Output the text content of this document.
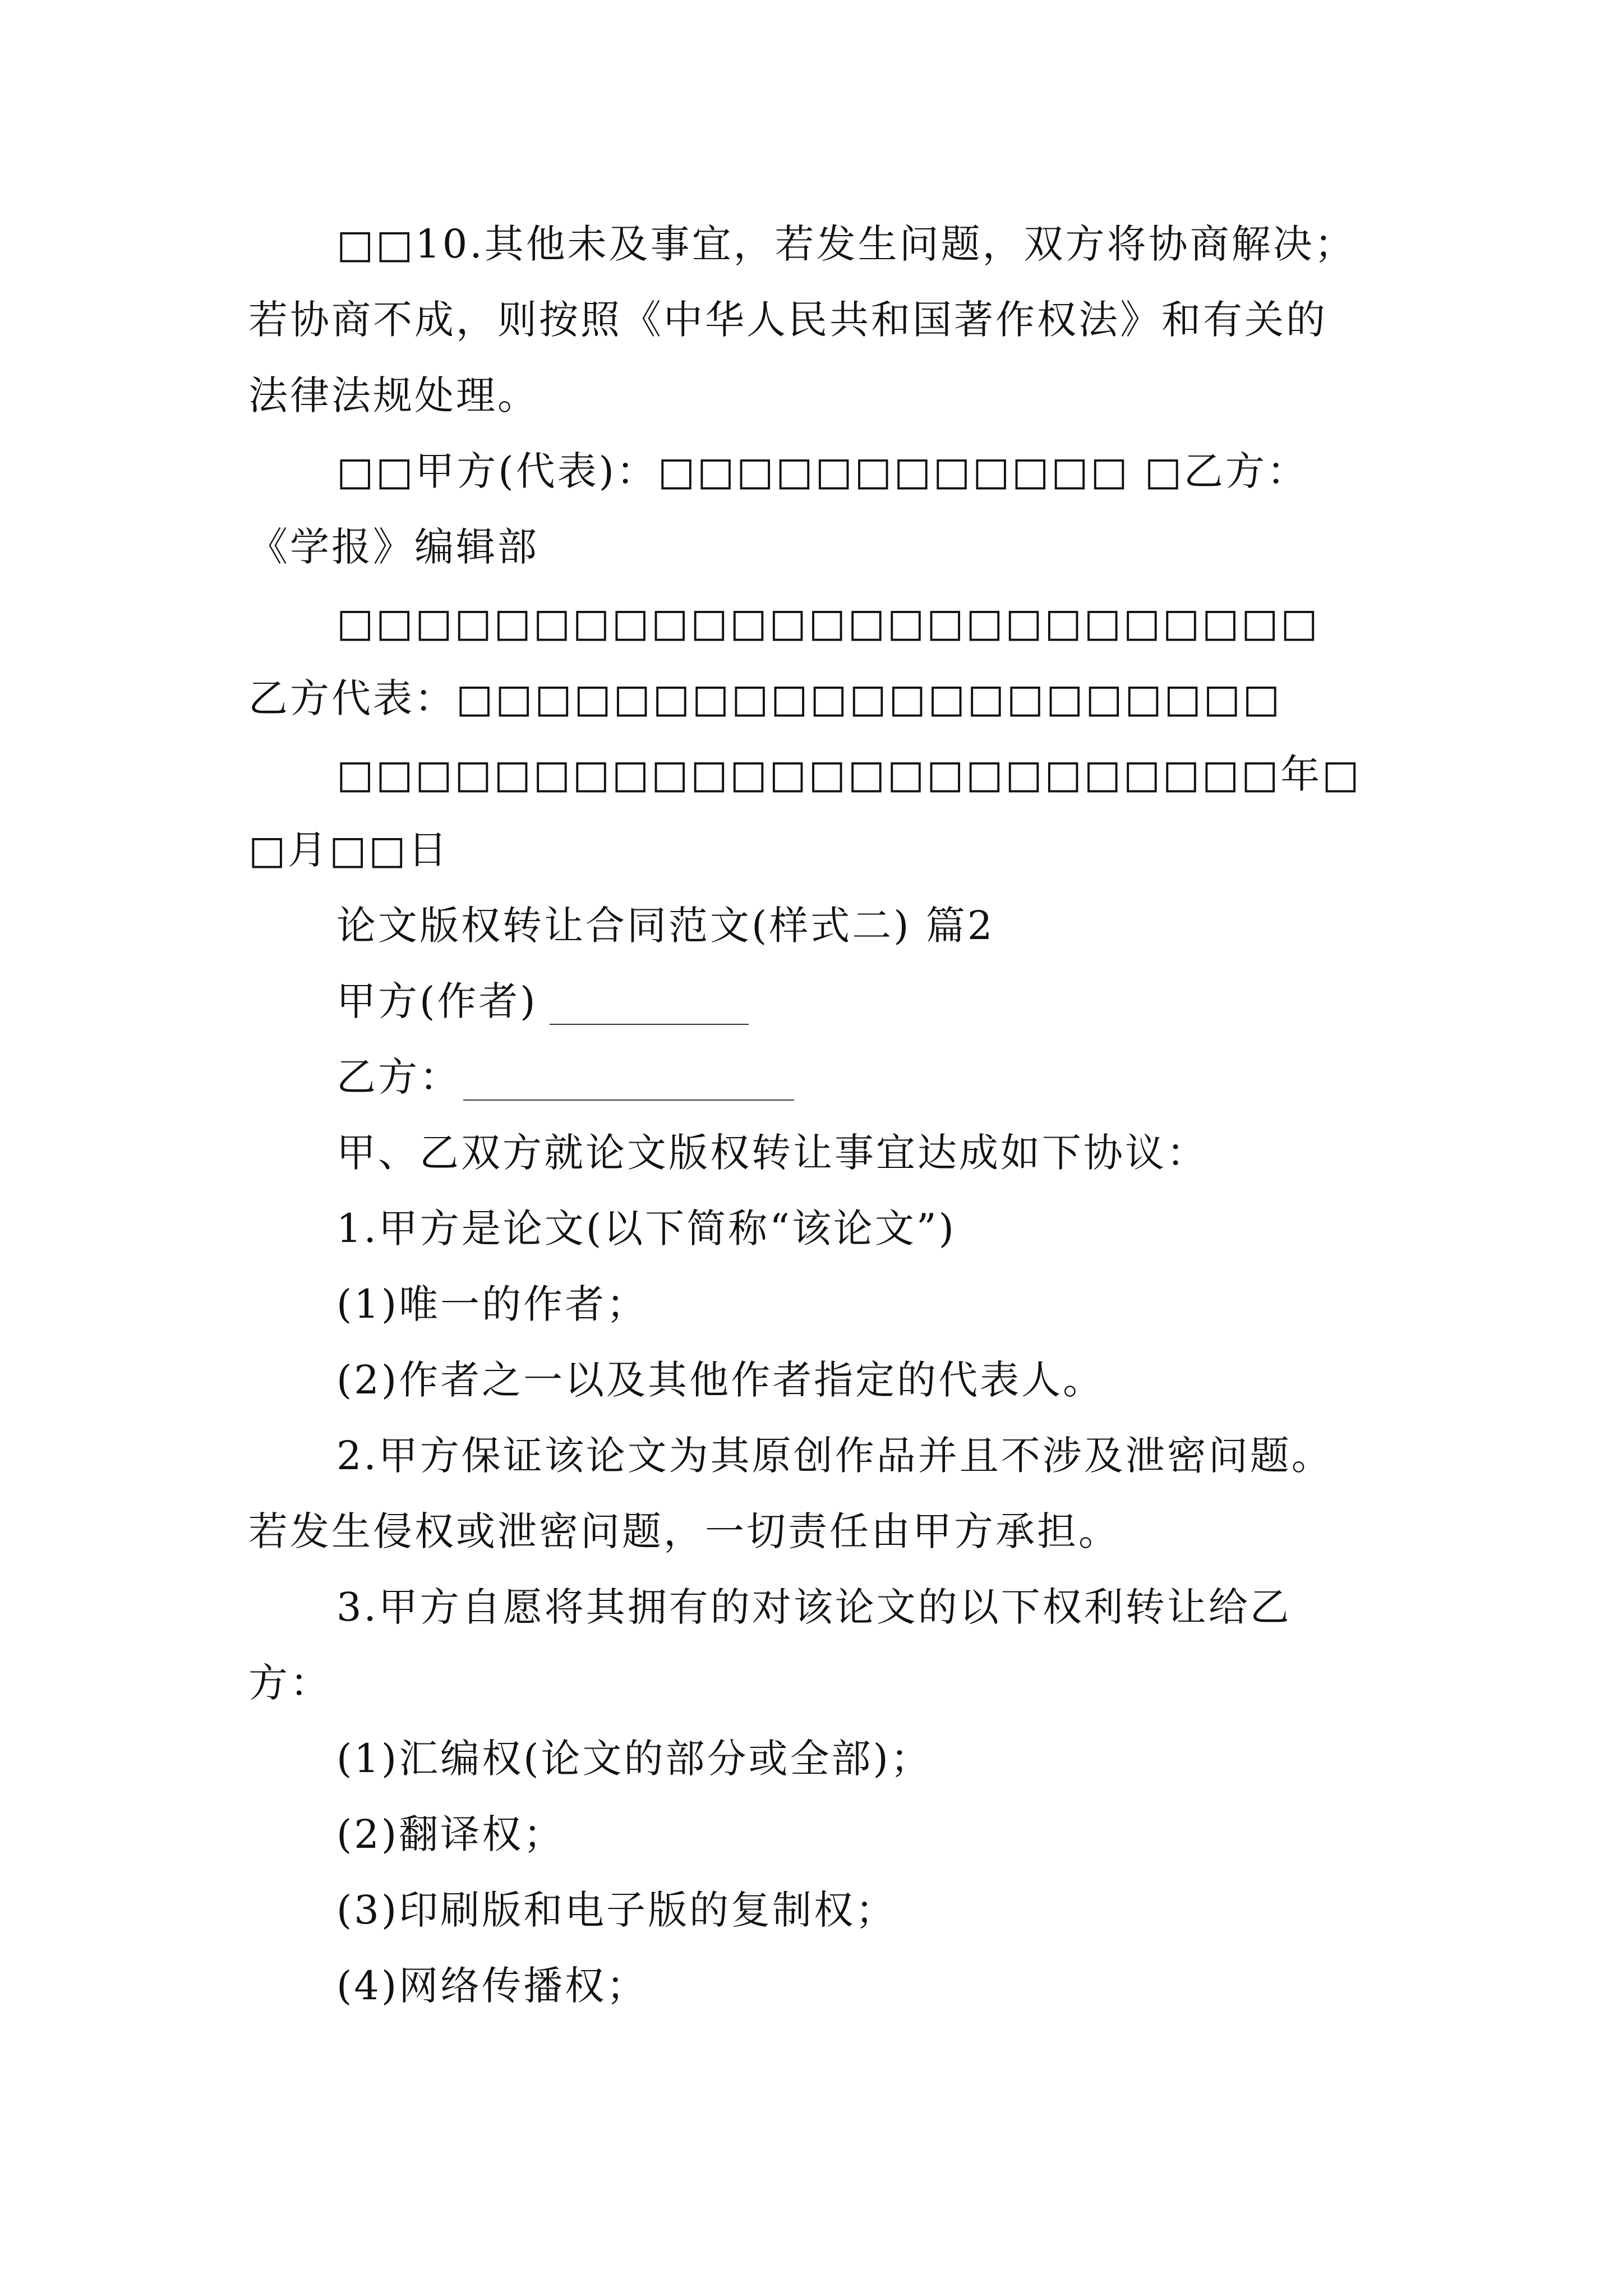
□□10.其他未及事宜，若发生问题，双方将协商解决；
若协商不成，则按照《中华人民共和国著作权法》和有关的
法律法规处理。
□□甲方(代表)：□□□□□□□□□□□□ □乙方：
《学报》编辑部
□□□□□□□□□□□□□□□□□□□□□□□□□
乙方代表：□□□□□□□□□□□□□□□□□□□□□
□□□□□□□□□□□□□□□□□□□□□□□□年□
□月□□日
论文版权转让合同范文(样式二) 篇2
甲方(作者)
乙方：
甲、乙双方就论文版权转让事宜达成如下协议：
1.甲方是论文(以下简称“该论文”)
(1)唯一的作者；
(2)作者之一以及其他作者指定的代表人。
2.甲方保证该论文为其原创作品并且不涉及泄密问题。
若发生侵权或泄密问题，一切责任由甲方承担。
3.甲方自愿将其拥有的对该论文的以下权利转让给乙
方：
(1)汇编权(论文的部分或全部)；
(2)翻译权；
(3)印刷版和电子版的复制权；
(4)网络传播权；
